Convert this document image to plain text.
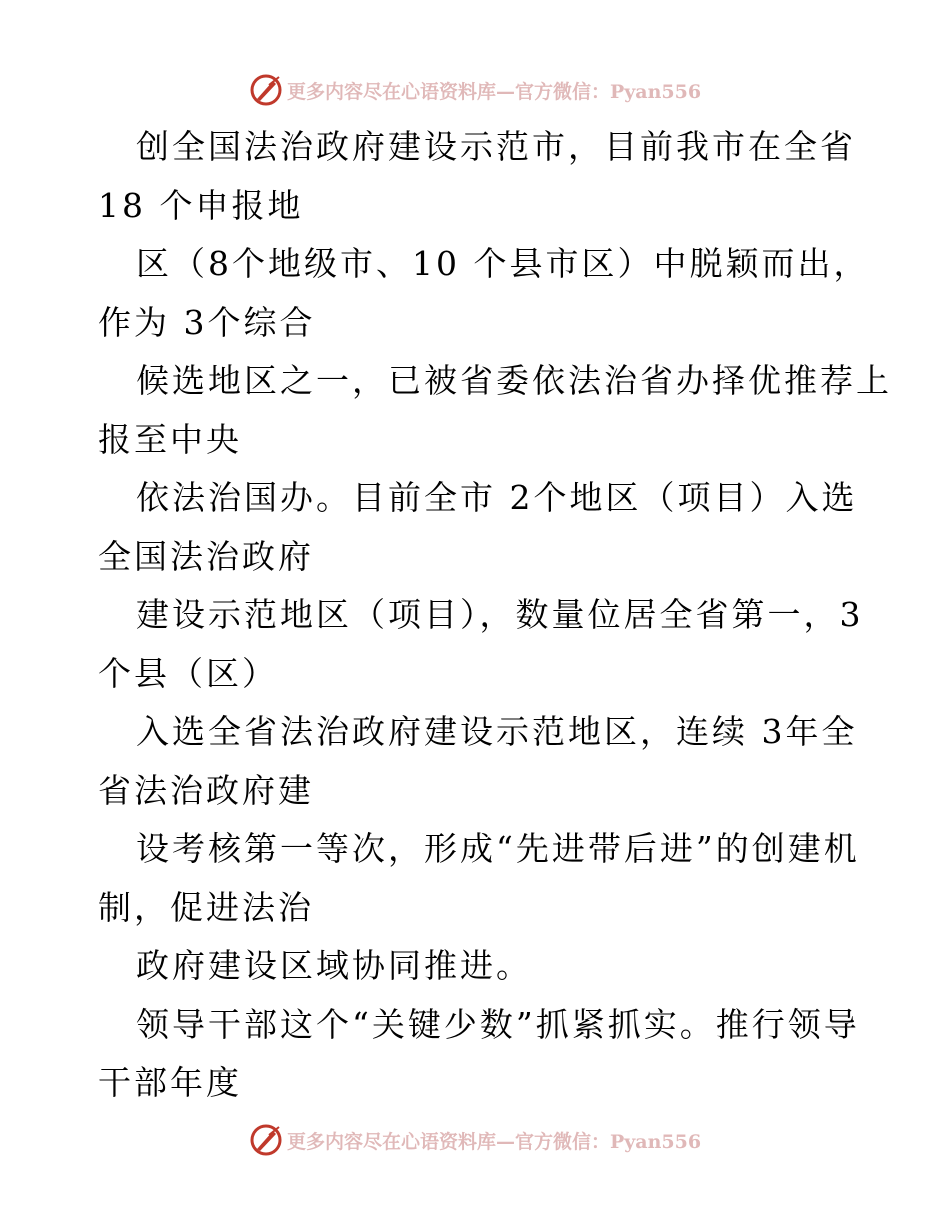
更多内容尽在心语资料库—官方微信：Pyan556
创全国法治政府建设示范市，目前我市在全省
18 个申报地
区（8个地级市、10 个县市区）中脱颖而出，
作为 3个综合
候选地区之一，已被省委依法治省办择优推荐上
报至中央
依法治国办。目前全市 2个地区（项目）入选
全国法治政府
建设示范地区（项目），数量位居全省第一，3
个县（区）
入选全省法治政府建设示范地区，连续 3年全
省法治政府建
设考核第一等次，形成“先进带后进”的创建机
制，促进法治
政府建设区域协同推进。
领导干部这个“关键少数”抓紧抓实。推行领导
干部年度
更多内容尽在心语资料库—官方微信：Pyan556
